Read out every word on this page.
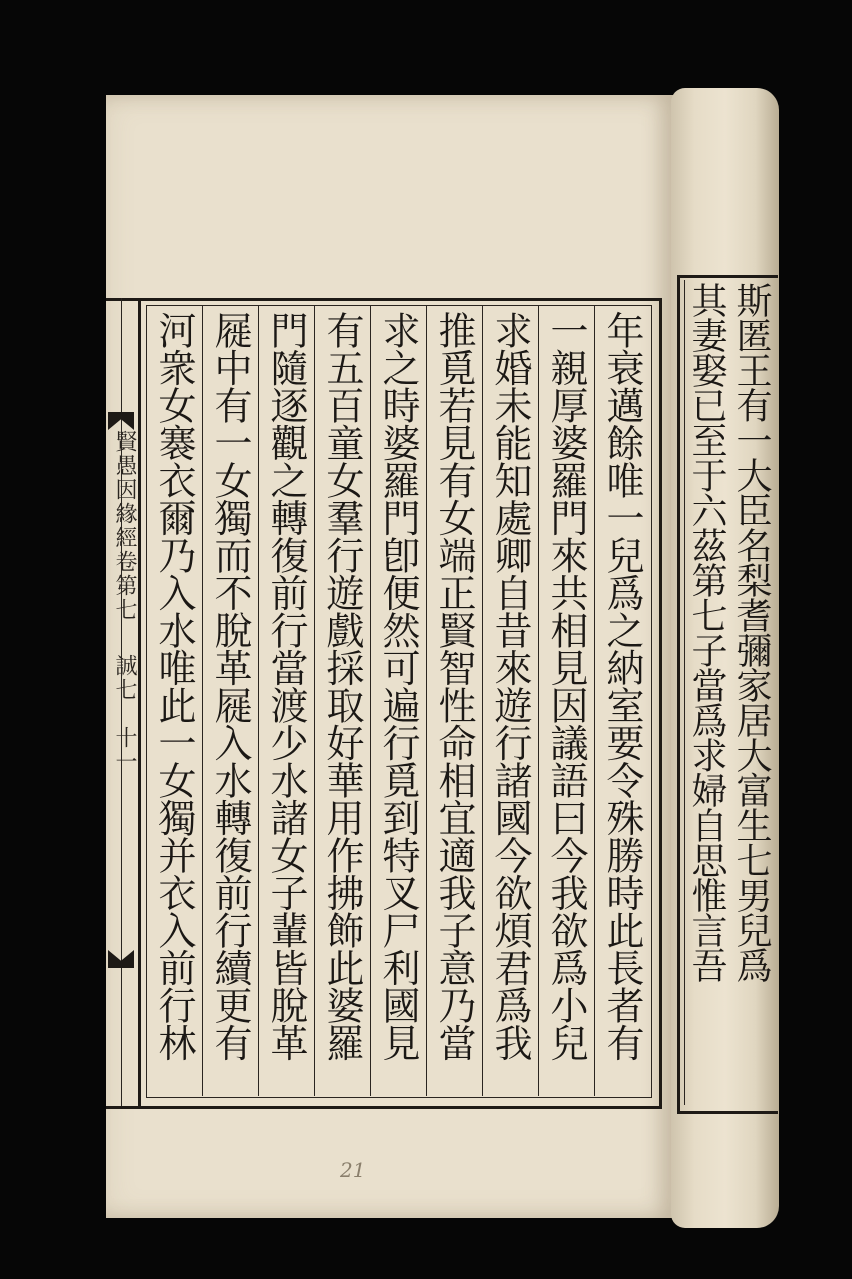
賢愚因緣經卷第七  誠七　十一	年衰邁餘唯一兒爲之納室要令殊勝時此長者有
一親厚婆羅門來共相見因議語曰今我欲爲小兒
求婚未能知處卿自昔來遊行諸國今欲煩君爲我
推覓若見有女端正賢智性命相宜適我子意乃當
求之時婆羅門卽便然可遍行覓到特叉尸利國見
有五百童女羣行遊戲採取好華用作拂飾此婆羅
門隨逐觀之轉復前行當渡少水諸女子輩皆脫革
屣中有一女獨而不脫革屣入水轉復前行續更有
河衆女褰衣爾乃入水唯此一女獨并衣入前行林	斯匿王有一大臣名梨耆彌家居大富生七男兒爲
其妻娶已至于六茲第七子當爲求婦自思惟言吾
21
